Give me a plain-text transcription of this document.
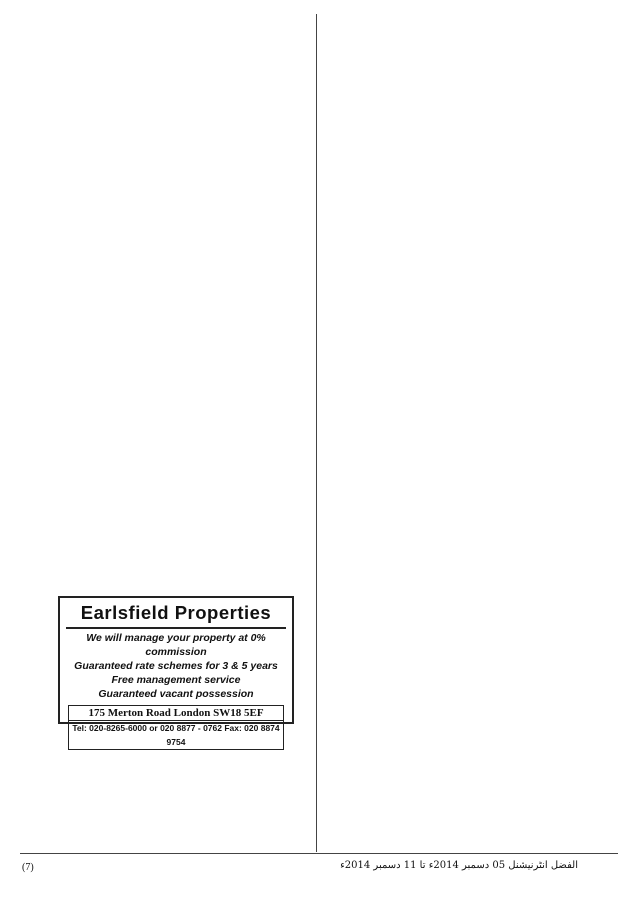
Earlsfield Properties
We will manage your property at 0% commission
Guaranteed rate schemes for 3 & 5 years
Free management service
Guaranteed vacant possession
175 Merton Road London SW18 5EF
Tel: 020-8265-6000 or 020 8877 - 0762 Fax: 020 8874 9754
(7)	الفضل انٹرنیشنل 05 دسمبر 2014ء تا 11 دسمبر 2014ء
